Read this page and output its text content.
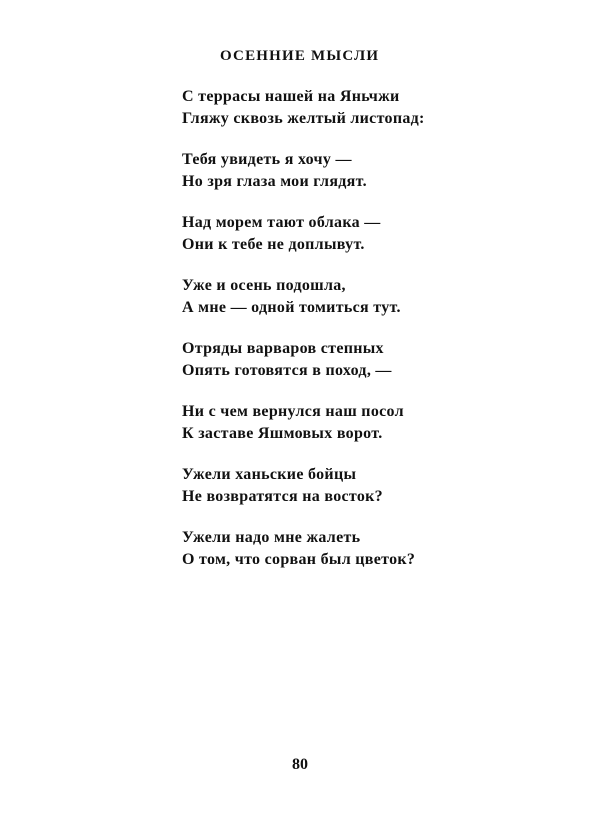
ОСЕННИЕ МЫСЛИ
С террасы нашей на Яньчжи
Гляжу сквозь желтый листопад:
Тебя увидеть я хочу —
Но зря глаза мои глядят.
Над морем тают облака —
Они к тебе не доплывут.
Уже и осень подошла,
А мне — одной томиться тут.
Отряды варваров степных
Опять готовятся в поход, —
Ни с чем вернулся наш посол
К заставе Яшмовых ворот.
Ужели ханьские бойцы
Не возвратятся на восток?
Ужели надо мне жалеть
О том, что сорван был цветок?
80
